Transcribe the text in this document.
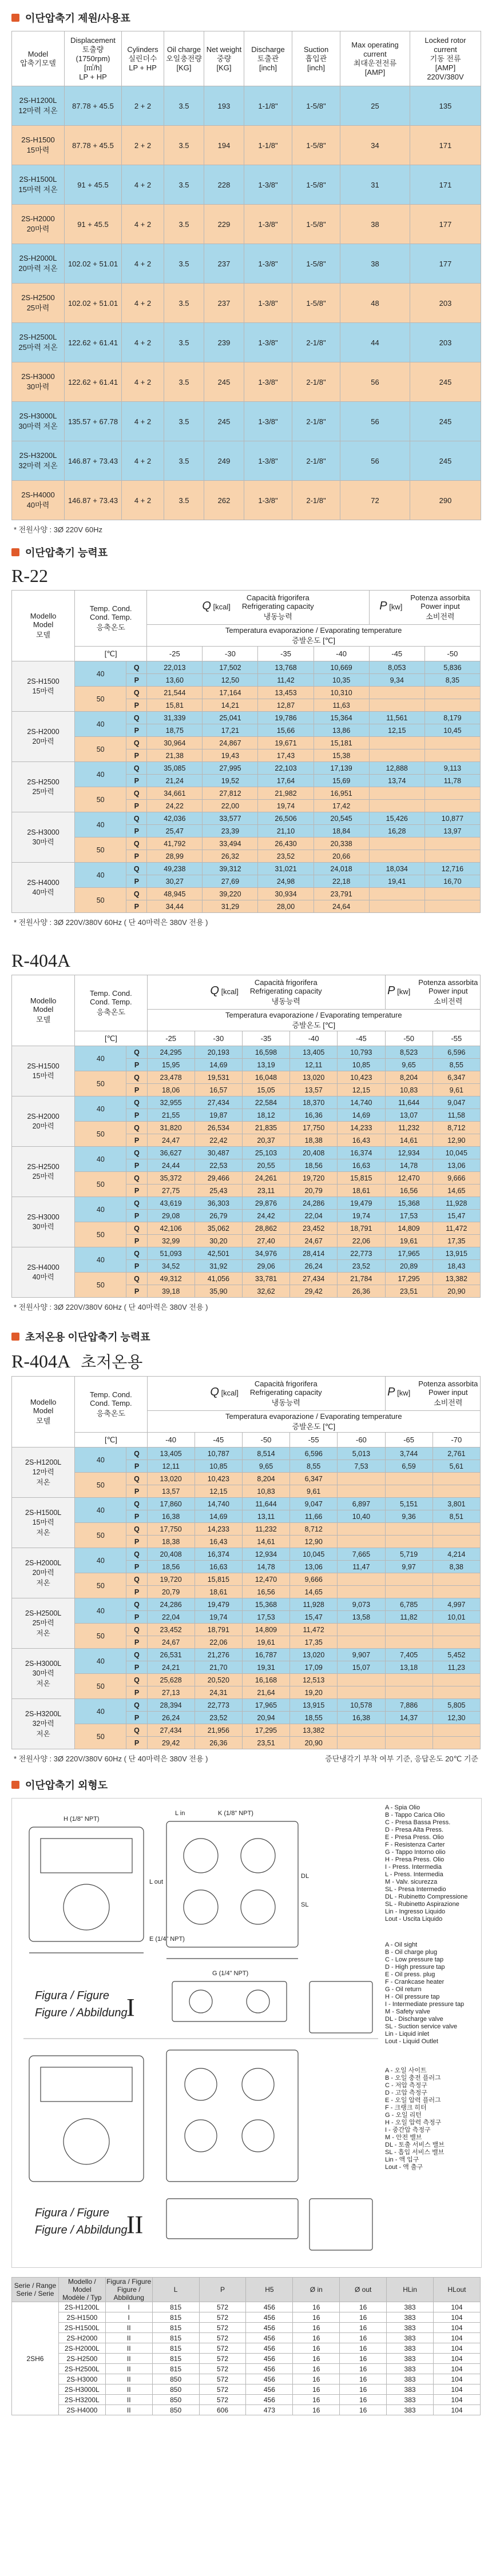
이단압축기 제원/사용표
Model
압축기모델	Displacement
토출량
(1750rpm)
[㎥/h]
LP + HP	Cylinders
실린더수
LP + HP	Oil charge
오일충전량
[KG]	Net weight
중량
[KG]	Discharge
토출관
[inch]	Suction
흡입관
[inch]	Max operating
current
최대운전전류
[AMP]	Locked rotor
current
기동 전류
[AMP]
220V/380V
2S-H1200L
12마력 저온	87.78 + 45.5	2 + 2	3.5	193	1-1/8"	1-5/8"	25	135
2S-H1500
15마력	87.78 + 45.5	2 + 2	3.5	194	1-1/8"	1-5/8"	34	171
2S-H1500L
15마력 저온	91 + 45.5	4 + 2	3.5	228	1-3/8"	1-5/8"	31	171
2S-H2000
20마력	91 + 45.5	4 + 2	3.5	229	1-3/8"	1-5/8"	38	177
2S-H2000L
20마력 저온	102.02 + 51.01	4 + 2	3.5	237	1-3/8"	1-5/8"	38	177
2S-H2500
25마력	102.02 + 51.01	4 + 2	3.5	237	1-3/8"	1-5/8"	48	203
2S-H2500L
25마력 저온	122.62 + 61.41	4 + 2	3.5	239	1-3/8"	2-1/8"	44	203
2S-H3000
30마력	122.62 + 61.41	4 + 2	3.5	245	1-3/8"	2-1/8"	56	245
2S-H3000L
30마력 저온	135.57 + 67.78	4 + 2	3.5	245	1-3/8"	2-1/8"	56	245
2S-H3200L
32마력 저온	146.87 + 73.43	4 + 2	3.5	249	1-3/8"	2-1/8"	56	245
2S-H4000
40마력	146.87 + 73.43	4 + 2	3.5	262	1-3/8"	2-1/8"	72	290
* 전원사양 : 3Ø 220V 60Hz
이단압축기 능력표
R-22
Modello
Model
모델	Temp. Cond.
Cond. Temp.
응축온도		Q [kcal]Capacità frigorifera
Refrigerating capacity
냉동능력				P [kw]Potenza assorbita
Power input
소비전력	
			Temperatura evaporazione / Evaporating temperature
증발온도 [℃]					
	[℃]		-25	-30	-35	-40	-45	-50
2S-H1500
15마력	40	Q	22,013	17,502	13,768	10,669	8,053	5,836
		P	13,60	12,50	11,42	10,35	9,34	8,35
	50	Q	21,544	17,164	13,453	10,310		
		P	15,81	14,21	12,87	11,63		
2S-H2000
20마력	40	Q	31,339	25,041	19,786	15,364	11,561	8,179
		P	18,75	17,21	15,66	13,86	12,15	10,45
	50	Q	30,964	24,867	19,671	15,181		
		P	21,38	19,43	17,43	15,38		
2S-H2500
25마력	40	Q	35,085	27,995	22,103	17,139	12,888	9,113
		P	21,24	19,52	17,64	15,69	13,74	11,78
	50	Q	34,661	27,812	21,982	16,951		
		P	24,22	22,00	19,74	17,42		
2S-H3000
30마력	40	Q	42,036	33,577	26,506	20,545	15,426	10,877
		P	25,47	23,39	21,10	18,84	16,28	13,97
	50	Q	41,792	33,494	26,430	20,338		
		P	28,99	26,32	23,52	20,66		
2S-H4000
40마력	40	Q	49,238	39,312	31,021	24,018	18,034	12,716
		P	30,27	27,69	24,98	22,18	19,41	16,70
	50	Q	48,945	39,220	30,934	23,791		
		P	34,44	31,29	28,00	24,64		
* 전원사양 : 3Ø 220V/380V 60Hz ( 단 40마력은 380V 전용 )
R-404A
Modello
Model
모델	Temp. Cond.
Cond. Temp.
응축온도		Q [kcal]Capacità frigorifera
Refrigerating capacity
냉동능력					P [kw]Potenza assorbita
Power input
소비전력	
			Temperatura evaporazione / Evaporating temperature
증발온도 [℃]						
	[℃]		-25	-30	-35	-40	-45	-50	-55
2S-H1500
15마력	40	Q	24,295	20,193	16,598	13,405	10,793	8,523	6,596
		P	15,95	14,69	13,19	12,11	10,85	9,65	8,55
	50	Q	23,478	19,531	16,048	13,020	10,423	8,204	6,347
		P	18,06	16,57	15,05	13,57	12,15	10,83	9,61
2S-H2000
20마력	40	Q	32,955	27,434	22,584	18,370	14,740	11,644	9,047
		P	21,55	19,87	18,12	16,36	14,69	13,07	11,58
	50	Q	31,820	26,534	21,835	17,750	14,233	11,232	8,712
		P	24,47	22,42	20,37	18,38	16,43	14,61	12,90
2S-H2500
25마력	40	Q	36,627	30,487	25,103	20,408	16,374	12,934	10,045
		P	24,44	22,53	20,55	18,56	16,63	14,78	13,06
	50	Q	35,372	29,466	24,261	19,720	15,815	12,470	9,666
		P	27,75	25,43	23,11	20,79	18,61	16,56	14,65
2S-H3000
30마력	40	Q	43,619	36,303	29,876	24,286	19,479	15,368	11,928
		P	29,08	26,79	24,42	22,04	19,74	17,53	15,47
	50	Q	42,106	35,062	28,862	23,452	18,791	14,809	11,472
		P	32,99	30,20	27,40	24,67	22,06	19,61	17,35
2S-H4000
40마력	40	Q	51,093	42,501	34,976	28,414	22,773	17,965	13,915
		P	34,52	31,92	29,06	26,24	23,52	20,89	18,43
	50	Q	49,312	41,056	33,781	27,434	21,784	17,295	13,382
		P	39,18	35,90	32,62	29,42	26,36	23,51	20,90
* 전원사양 : 3Ø 220V/380V 60Hz ( 단 40마력은 380V 전용 )
초저온용 이단압축기 능력표
R-404A 초저온용
Modello
Model
모델	Temp. Cond.
Cond. Temp.
응축온도		Q [kcal]Capacità frigorifera
Refrigerating capacity
냉동능력					P [kw]Potenza assorbita
Power input
소비전력	
			Temperatura evaporazione / Evaporating temperature
증발온도 [℃]						
	[℃]		-40	-45	-50	-55	-60	-65	-70
2S-H1200L
12마력
저온	40	Q	13,405	10,787	8,514	6,596	5,013	3,744	2,761
		P	12,11	10,85	9,65	8,55	7,53	6,59	5,61
	50	Q	13,020	10,423	8,204	6,347			
		P	13,57	12,15	10,83	9,61			
2S-H1500L
15마력
저온	40	Q	17,860	14,740	11,644	9,047	6,897	5,151	3,801
		P	16,38	14,69	13,11	11,66	10,40	9,36	8,51
	50	Q	17,750	14,233	11,232	8,712			
		P	18,38	16,43	14,61	12,90			
2S-H2000L
20마력
저온	40	Q	20,408	16,374	12,934	10,045	7,665	5,719	4,214
		P	18,56	16,63	14,78	13,06	11,47	9,97	8,38
	50	Q	19,720	15,815	12,470	9,666			
		P	20,79	18,61	16,56	14,65			
2S-H2500L
25마력
저온	40	Q	24,286	19,479	15,368	11,928	9,073	6,785	4,997
		P	22,04	19,74	17,53	15,47	13,58	11,82	10,01
	50	Q	23,452	18,791	14,809	11,472			
		P	24,67	22,06	19,61	17,35			
2S-H3000L
30마력
저온	40	Q	26,531	21,276	16,787	13,020	9,907	7,405	5,452
		P	24,21	21,70	19,31	17,09	15,07	13,18	11,23
	50	Q	25,628	20,520	16,168	12,513			
		P	27,13	24,31	21,64	19,20			
2S-H3200L
32마력
저온	40	Q	28,394	22,773	17,965	13,915	10,578	7,886	5,805
		P	26,24	23,52	20,94	18,55	16,38	14,37	12,30
	50	Q	27,434	21,956	17,295	13,382			
		P	29,42	26,36	23,51	20,90			
* 전원사양 : 3Ø 220V/380V 60Hz ( 단 40마력은 380V 전용 )	증단냉각기 부착 여부 기준, 응답온도 20℃ 기준
이단압축기 외형도
Figura / Figure
Figure / Abbildung
I
Figura / Figure
Figure / Abbildung
II
L in
L out
H (1/8" NPT)
K (1/8" NPT)
G (1/4" NPT)
E (1/4" NPT)
DL
SL
A - Spia Olio
B - Tappo Carica Olio
C - Presa Bassa Press.
D - Presa Alta Press.
E - Presa Press. Olio
F - Resistenza Carter
G - Tappo Intorno olio
H - Presa Press. Olio
I - Press. Intermedia
L - Press. Intermedia
M - Valv. sicurezza
SL - Presa Intermedio
DL - Rubinetto Compressione
SL - Rubinetto Aspirazione
Lin - Ingresso Liquido
Lout - Uscita Liquido
A - Oil sight
B - Oil charge plug
C - Low pressure tap
D - High pressure tap
E - Oil press. plug
F - Crankcase heater
G - Oil return
H - Oil pressure tap
I - Intermediate pressure tap
M - Safety valve
DL - Discharge valve
SL - Suction service valve
Lin - Liquid inlet
Lout - Liquid Outlet
A - 오일 사이트
B - 오일 충전 플러그
C - 저압 측정구
D - 고압 측정구
E - 오일 압력 플러그
F - 크랭크 히터
G - 오일 리턴
H - 오일 압력 측정구
I - 중간압 측정구
M - 안전 밸브
DL - 토출 서비스 밸브
SL - 흡입 서비스 밸브
Lin - 액 입구
Lout - 액 출구
Serie / Range
Serie / Serie	Modello / Model
Modèle / Typ	Figura / Figure
Figure / Abbildung	L	P	H5	Ø in	Ø out	HLin	HLout
2SH6	2S-H1200L	I	815	572	456	16	16	383	104
	2S-H1500	I	815	572	456	16	16	383	104
	2S-H1500L	II	815	572	456	16	16	383	104
	2S-H2000	II	815	572	456	16	16	383	104
	2S-H2000L	II	815	572	456	16	16	383	104
	2S-H2500	II	815	572	456	16	16	383	104
	2S-H2500L	II	815	572	456	16	16	383	104
	2S-H3000	II	850	572	456	16	16	383	104
	2S-H3000L	II	850	572	456	16	16	383	104
	2S-H3200L	II	850	572	456	16	16	383	104
	2S-H4000	II	850	606	473	16	16	383	104
